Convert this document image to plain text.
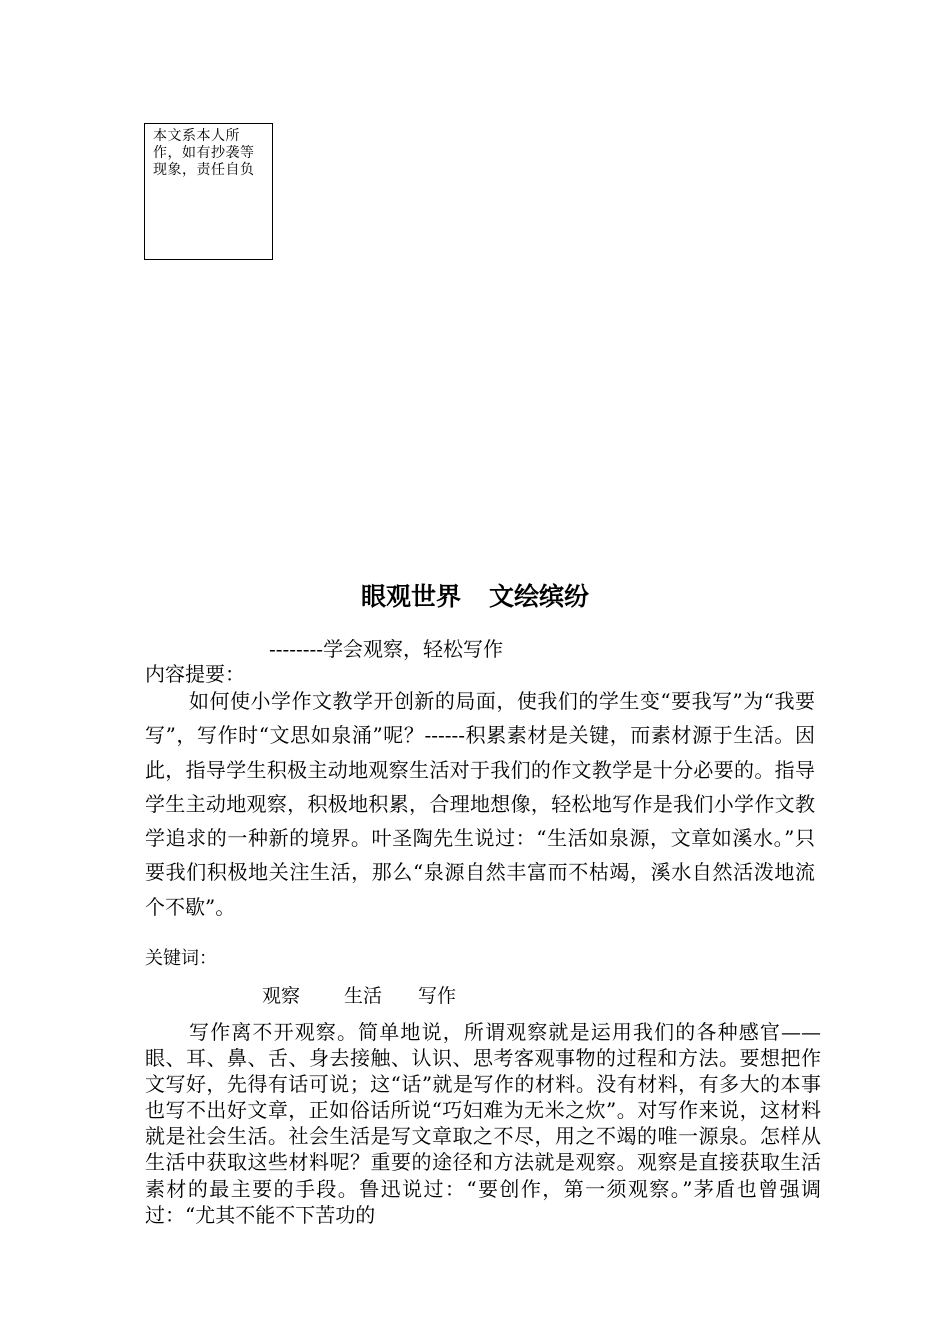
本文系本人所作，如有抄袭等现象，责任自负
眼观世界 文绘缤纷
--------学会观察，轻松写作
内容提要：

如何使小学作文教学开创新的局面，使我们的学生变“要我写”为“我要写”，写作时“文思如泉涌”呢？------积累素材是关键，而素材源于生活。因此，指导学生积极主动地观察生活对于我们的作文教学是十分必要的。指导学生主动地观察，积极地积累，合理地想像，轻松地写作是我们小学作文教学追求的一种新的境界。叶圣陶先生说过：“生活如泉源，文章如溪水。”只要我们积极地关注生活，那么“泉源自然丰富而不枯竭，溪水自然活泼地流个不歇”。

关键词：
观察 生活 写作

写作离不开观察。简单地说，所谓观察就是运用我们的各种感官——眼、耳、鼻、舌、身去接触、认识、思考客观事物的过程和方法。要想把作文写好，先得有话可说；这“话”就是写作的材料。没有材料，有多大的本事也写不出好文章，正如俗话所说“巧妇难为无米之炊”。对写作来说，这材料就是社会生活。社会生活是写文章取之不尽，用之不竭的唯一源泉。怎样从生活中获取这些材料呢？重要的途径和方法就是观察。观察是直接获取生活素材的最主要的手段。鲁迅说过：“要创作，第一须观察。”茅盾也曾强调过：“尤其不能不下苦功的
